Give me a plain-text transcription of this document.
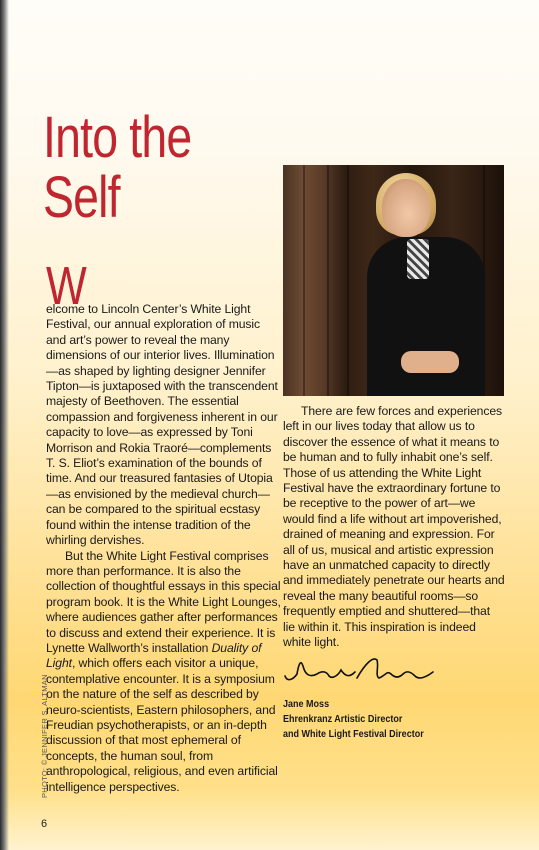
Into the
Self
W

elcome to Lincoln Center’s White Light Festival, our annual exploration of music and art’s power to reveal the many dimensions of our interior lives. Illumination—as shaped by lighting designer Jennifer Tipton—is juxtaposed with the transcendent majesty of Beethoven. The essential compassion and forgiveness inherent in our capacity to love—as expressed by Toni Morrison and Rokia Traoré—complements T. S. Eliot’s examination of the bounds of time. And our treasured fantasies of Utopia—as envisioned by the medieval church—can be compared to the spiritual ecstasy found within the intense tradition of the whirling dervishes.

But the White Light Festival comprises more than performance. It is also the collection of thoughtful essays in this special program book. It is the White Light Lounges, where audiences gather after performances to discuss and extend their experience. It is Lynette Wallworth’s installation Duality of Light, which offers each visitor a unique, contemplative encounter. It is a symposium on the nature of the self as described by neuro-scientists, Eastern philosophers, and Freudian psychotherapists, or an in-depth discussion of that most ephemeral of concepts, the human soul, from anthropological, religious, and even artificial intelligence perspectives.

There are few forces and experiences left in our lives today that allow us to discover the essence of what it means to be human and to fully inhabit one’s self. Those of us attending the White Light Festival have the extraordinary fortune to be receptive to the power of art—we would find a life without art impoverished, drained of meaning and expression. For all of us, musical and artistic expression have an unmatched capacity to directly and immediately penetrate our hearts and reveal the many beautiful rooms—so frequently emptied and shuttered—that lie within it. This inspiration is indeed white light.

Jane Moss
Ehrenkranz Artistic Director
and White Light Festival Director
PHOTO: © JENNIFER S. ALTMAN
6
